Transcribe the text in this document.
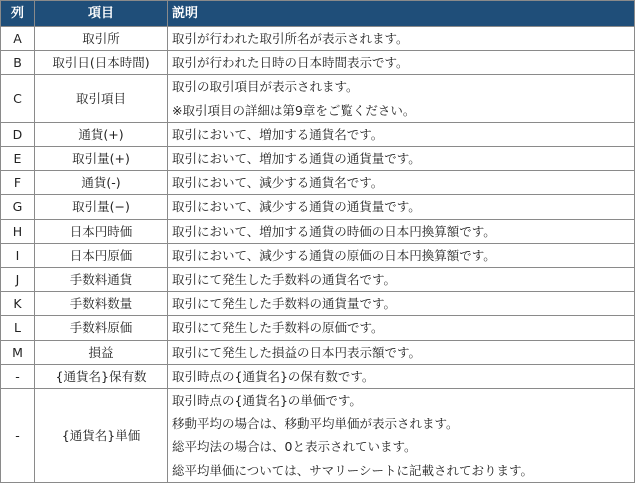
列	項目	説明
A	取引所	取引が行われた取引所名が表示されます。

B	取引日(日本時間)	取引が行われた日時の日本時間表示です。

C	取引項目	取引の取引項目が表示されます。
※取引項目の詳細は第9章をご覧ください。

D	通貨(+)	取引において、増加する通貨名です。

E	取引量(+)	取引において、増加する通貨の通貨量です。

F	通貨(-)	取引において、減少する通貨名です。

G	取引量(−)	取引において、減少する通貨の通貨量です。

H	日本円時価	取引において、増加する通貨の時価の日本円換算額です。

I	日本円原価	取引において、減少する通貨の原価の日本円換算額です。

J	手数料通貨	取引にて発生した手数料の通貨名です。

K	手数料数量	取引にて発生した手数料の通貨量です。

L	手数料原価	取引にて発生した手数料の原価です。

M	損益	取引にて発生した損益の日本円表示額です。

-	{通貨名}保有数	取引時点の{通貨名}の保有数です。

-	{通貨名}単価	取引時点の{通貨名}の単価です。
移動平均の場合は、移動平均単価が表示されます。
総平均法の場合は、0と表示されています。
総平均単価については、サマリーシートに記載されております。
